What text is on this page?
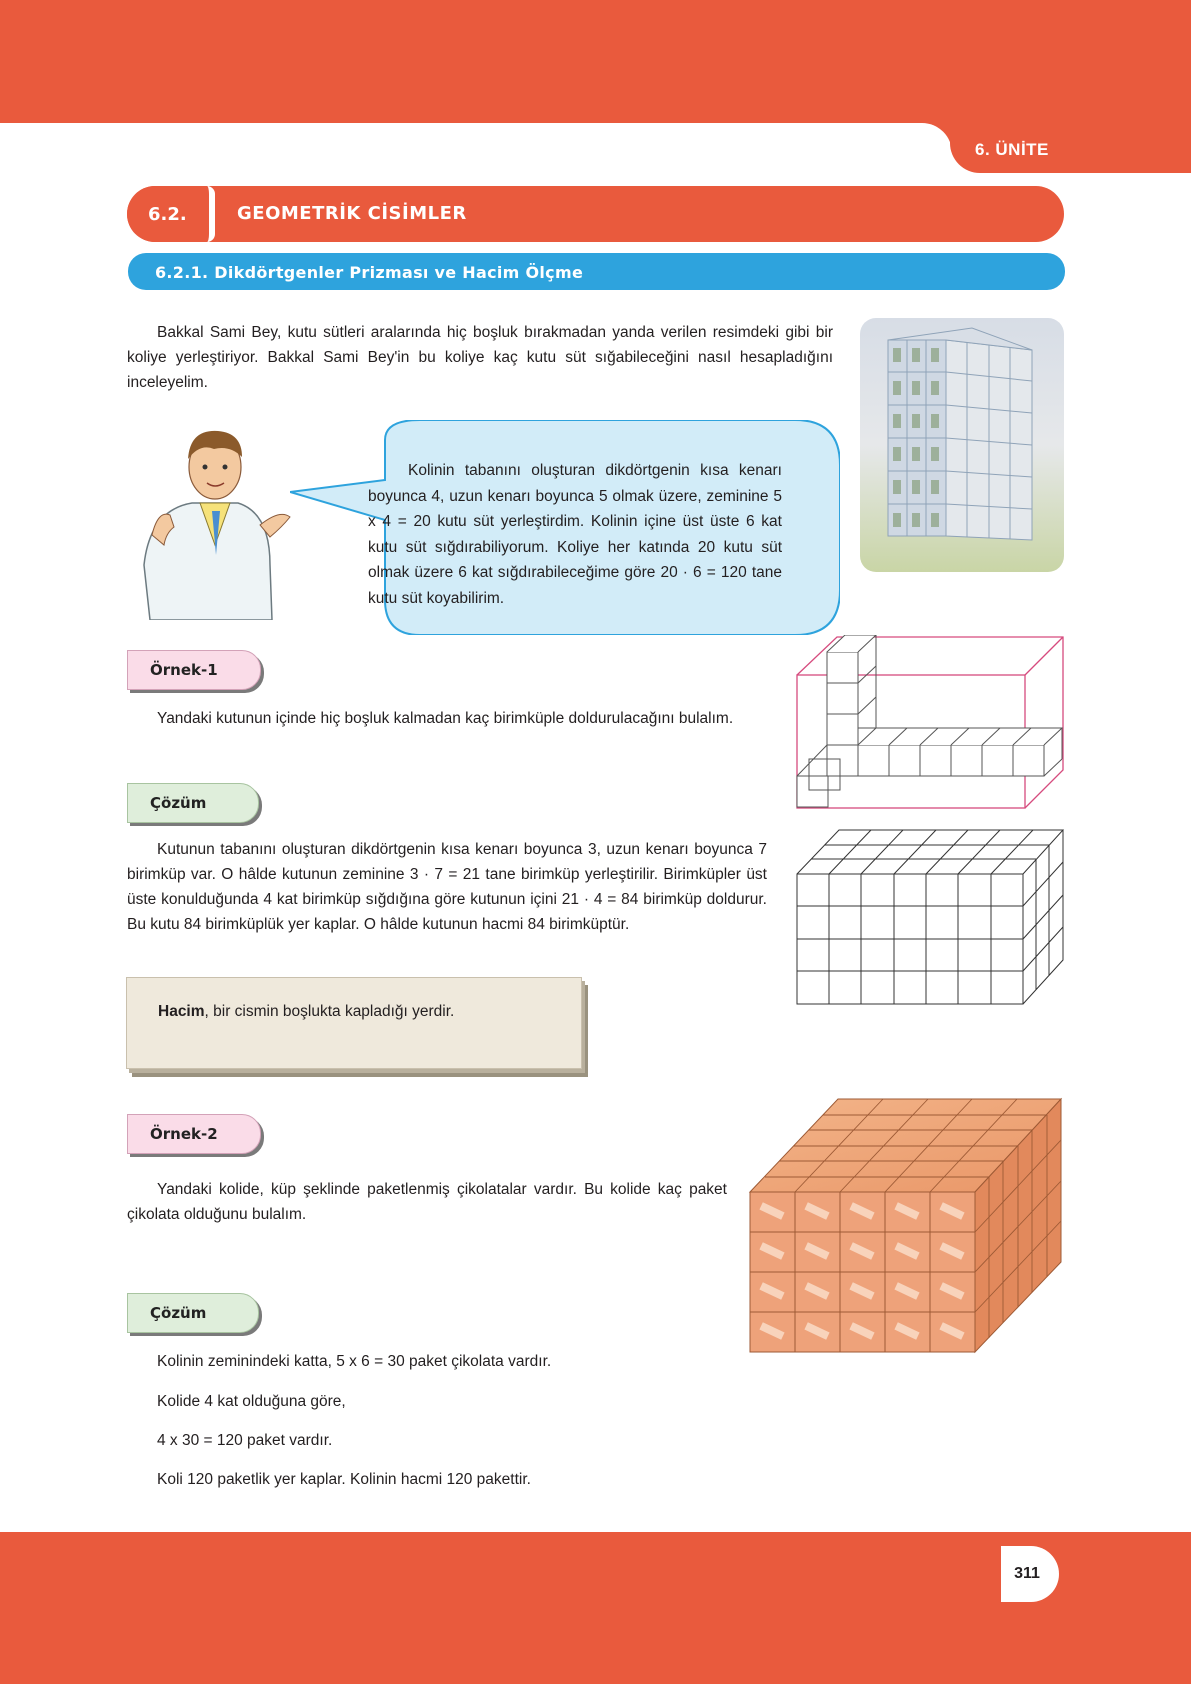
6. ÜNİTE
6.2.	GEOMETRİK CİSİMLER
6.2.1. Dikdörtgenler Prizması ve Hacim Ölçme
Bakkal Sami Bey, kutu sütleri aralarında hiç boşluk bırakmadan yanda verilen resimdeki gibi bir koliye yerleştiriyor. Bakkal Sami Bey'in bu koliye kaç kutu süt sığabileceğini nasıl hesapladığını inceleyelim.
Kolinin tabanını oluşturan dikdörtgenin kısa kenarı boyunca 4, uzun kenarı boyunca 5 olmak üzere, zeminine 5 x 4 = 20 kutu süt yerleştirdim. Kolinin içine üst üste 6 kat kutu süt sığdırabiliyorum. Koliye her katında 20 kutu süt olmak üzere 6 kat sığdırabileceğime göre 20 · 6 = 120 tane kutu süt koyabilirim.
Örnek-1
Yandaki kutunun içinde hiç boşluk kalmadan kaç birimküple doldurulacağını bulalım.
Çözüm
Kutunun tabanını oluşturan dikdörtgenin kısa kenarı boyunca 3, uzun kenarı boyunca 7 birimküp var. O hâlde kutunun zeminine 3 · 7 = 21 tane birimküp yerleştirilir. Birimküpler üst üste konulduğunda 4 kat birimküp sığdığına göre kutunun içini 21 · 4 = 84 birimküp doldurur. Bu kutu 84 birimküplük yer kaplar. O hâlde kutunun hacmi 84 birimküptür.
Hacim, bir cismin boşlukta kapladığı yerdir.
Örnek-2
Yandaki kolide, küp şeklinde paketlenmiş çikolatalar vardır. Bu kolide kaç paket çikolata olduğunu bulalım.
Çözüm
Kolinin zeminindeki katta, 5 x 6 = 30 paket çikolata vardır.
Kolide 4 kat olduğuna göre,
4 x 30 = 120 paket vardır.
Koli 120 paketlik yer kaplar. Kolinin hacmi 120 pakettir.
311
